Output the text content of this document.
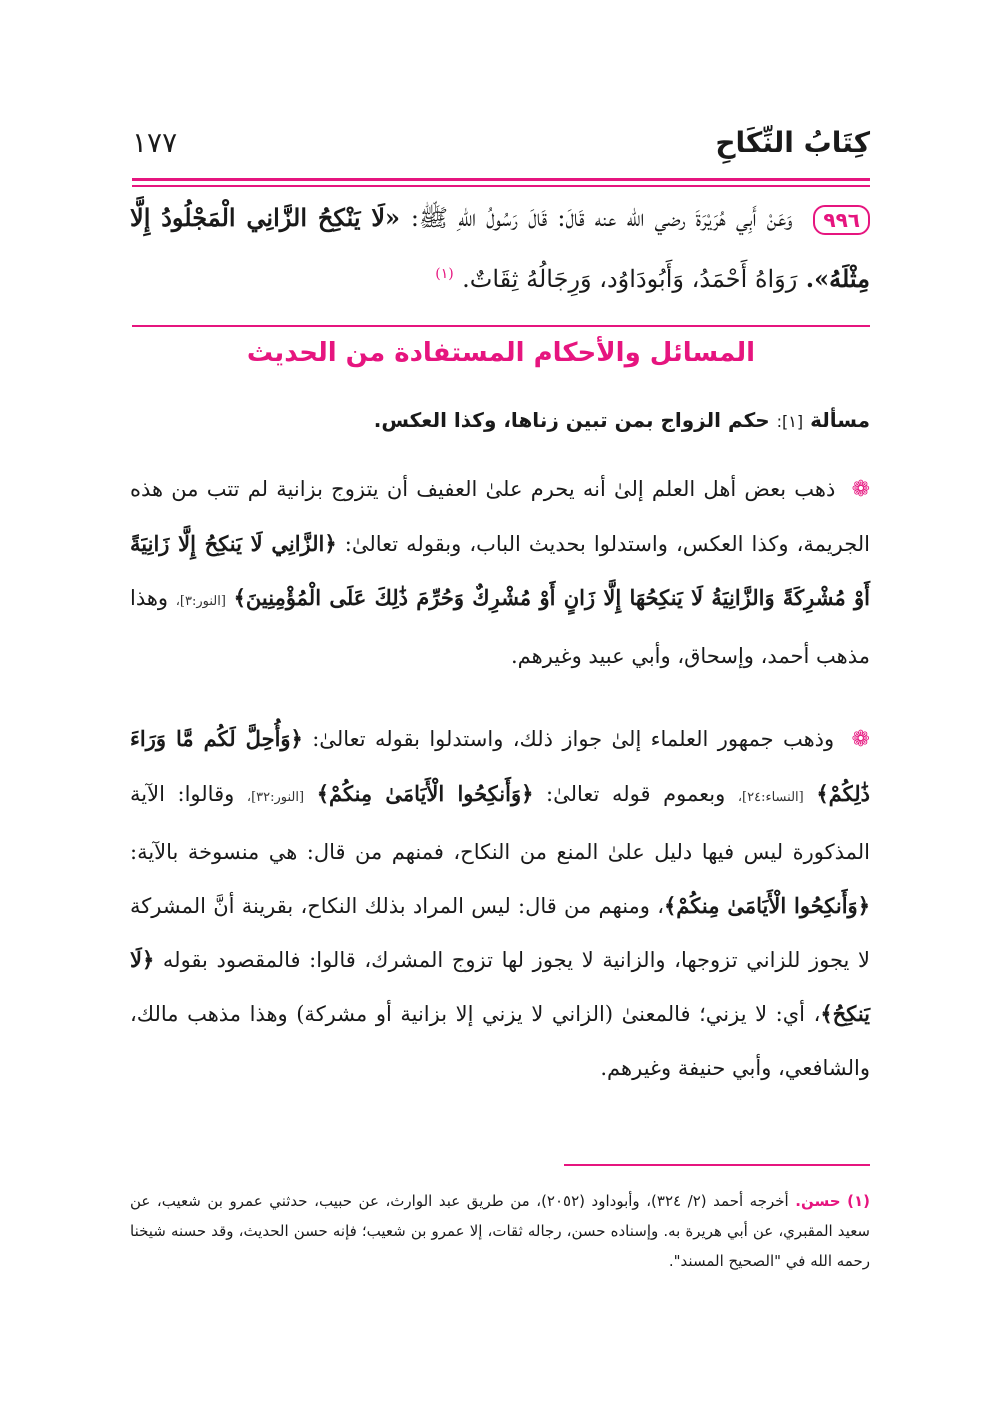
كِتَابُ النِّكَاحِ
١٧٧
٩٩٦ وَعَنْ أَبِي هُرَيْرَةَ رضي الله عنه قَالَ: قَالَ رَسُولُ اللهِ ﷺ: «لَا يَنْكِحُ الزَّانِي الْمَجْلُودُ إِلَّا مِثْلَهُ». رَوَاهُ أَحْمَدُ، وَأَبُودَاوُد، وَرِجَالُهُ ثِقَاتٌ. $^{(١)}$
المسائل والأحكام المستفادة من الحديث
مسألة [١]: حكم الزواج بمن تبين زناها، وكذا العكس.
❁ ذهب بعض أهل العلم إلىٰ أنه يحرم علىٰ العفيف أن يتزوج بزانية لم تتب من هذه الجريمة، وكذا العكس، واستدلوا بحديث الباب، وبقوله تعالىٰ: ﴿الزَّانِي لَا يَنكِحُ إِلَّا زَانِيَةً أَوْ مُشْرِكَةً وَالزَّانِيَةُ لَا يَنكِحُهَا إِلَّا زَانٍ أَوْ مُشْرِكٌ وَحُرِّمَ ذَٰلِكَ عَلَى الْمُؤْمِنِينَ﴾ [النور:٣]، وهذا مذهب أحمد، وإسحاق، وأبي عبيد وغيرهم.
❁ وذهب جمهور العلماء إلىٰ جواز ذلك، واستدلوا بقوله تعالىٰ: ﴿وَأُحِلَّ لَكُم مَّا وَرَاءَ ذَٰلِكُمْ﴾ [النساء:٢٤]، وبعموم قوله تعالىٰ: ﴿وَأَنكِحُوا الْأَيَامَىٰ مِنكُمْ﴾ [النور:٣٢]، وقالوا: الآية المذكورة ليس فيها دليل علىٰ المنع من النكاح، فمنهم من قال: هي منسوخة بالآية: ﴿وَأَنكِحُوا الْأَيَامَىٰ مِنكُمْ﴾، ومنهم من قال: ليس المراد بذلك النكاح، بقرينة أنَّ المشركة لا يجوز للزاني تزوجها، والزانية لا يجوز لها تزوج المشرك، قالوا: فالمقصود بقوله ﴿لَا يَنكِحُ﴾، أي: لا يزني؛ فالمعنىٰ (الزاني لا يزني إلا بزانية أو مشركة) وهذا مذهب مالك، والشافعي، وأبي حنيفة وغيرهم.
(١) حسن. أخرجه أحمد (٢/ ٣٢٤)، وأبوداود (٢٠٥٢)، من طريق عبد الوارث، عن حبيب، حدثني عمرو بن شعيب، عن سعيد المقبري، عن أبي هريرة به. وإسناده حسن، رجاله ثقات، إلا عمرو بن شعيب؛ فإنه حسن الحديث، وقد حسنه شيخنا رحمه الله في "الصحيح المسند".
